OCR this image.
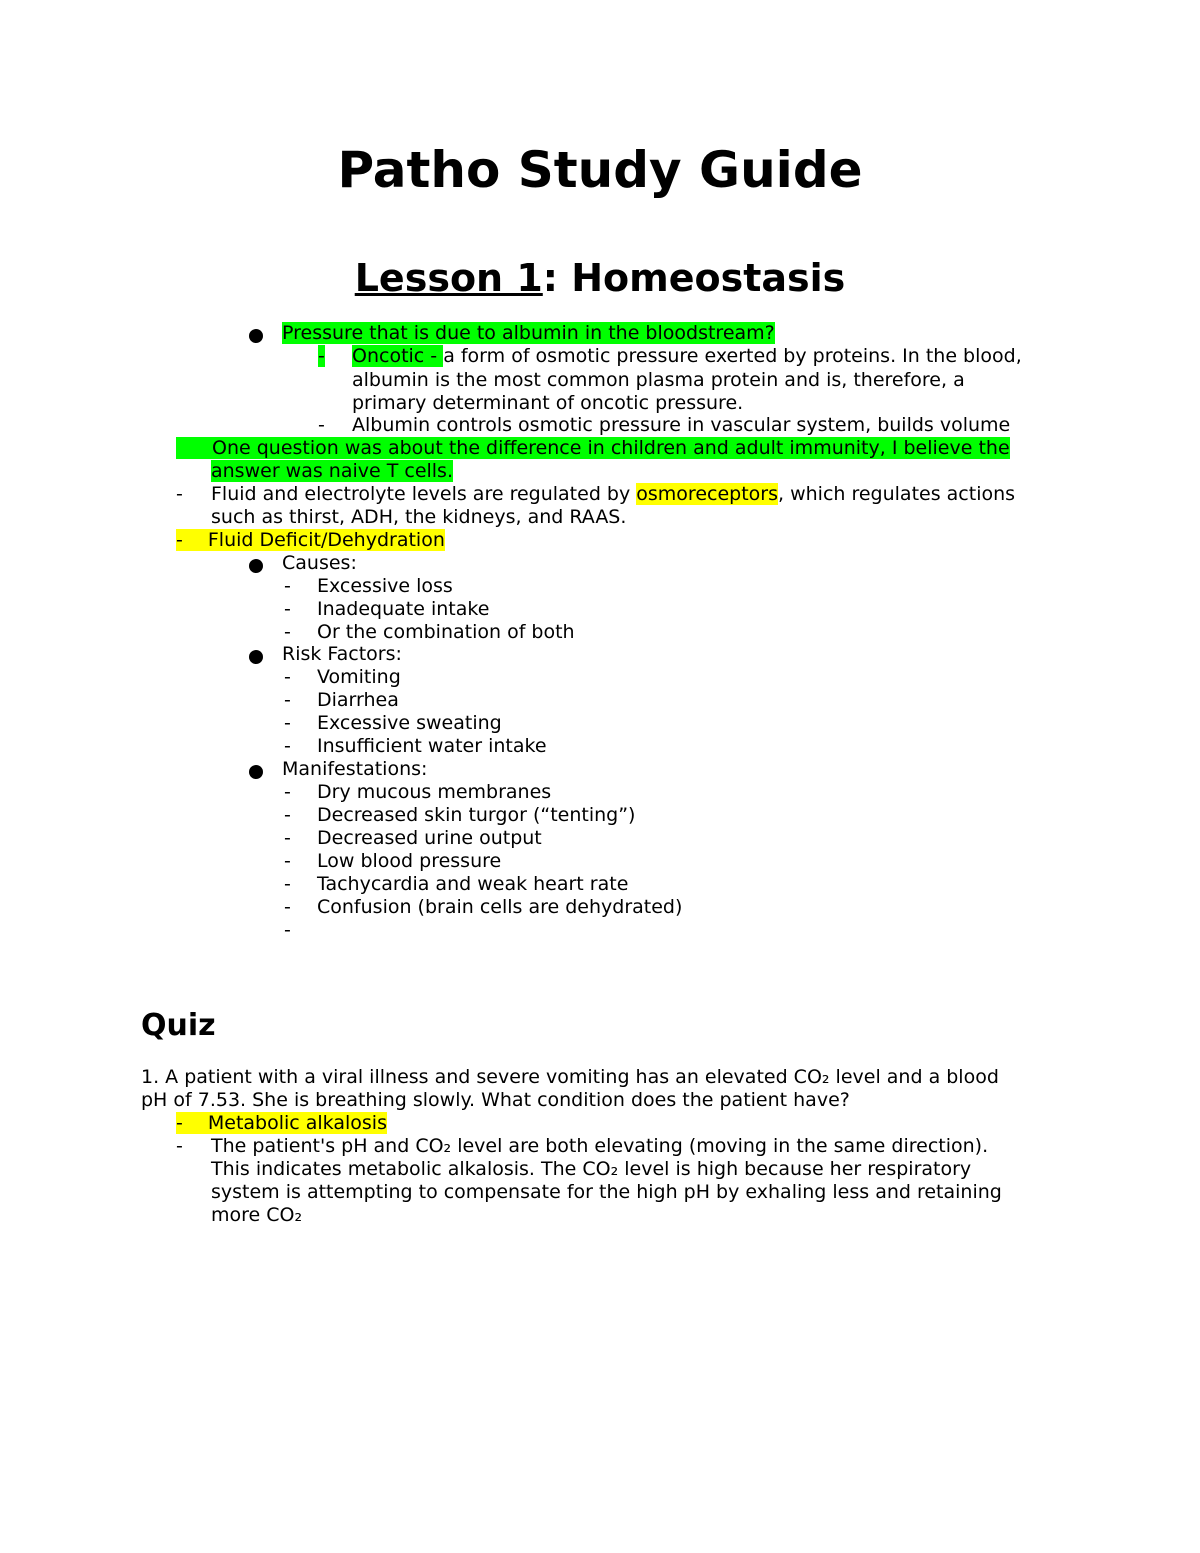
Patho Study Guide
Lesson 1: Homeostasis

Pressure that is due to albumin in the bloodstream?

- Oncotic - a form of osmotic pressure exerted by proteins. In the blood,

albumin is the most common plasma protein and is, therefore, a

primary determinant of oncotic pressure.

- Albumin controls osmotic pressure in vascular system, builds volume

One question was about the difference in children and adult immunity, I believe the

answer was naive T cells.

- Fluid and electrolyte levels are regulated by osmoreceptors, which regulates actions

such as thirst, ADH, the kidneys, and RAAS.

- Fluid Deficit/Dehydration

Causes:

- Excessive loss

- Inadequate intake

- Or the combination of both

Risk Factors:

- Vomiting

- Diarrhea

- Excessive sweating

- Insufficient water intake

Manifestations:

- Dry mucous membranes

- Decreased skin turgor (“tenting”)

- Decreased urine output

- Low blood pressure

- Tachycardia and weak heart rate

- Confusion (brain cells are dehydrated)

-

Quiz

1. A patient with a viral illness and severe vomiting has an elevated CO₂ level and a blood

pH of 7.53. She is breathing slowly. What condition does the patient have?

- Metabolic alkalosis

- The patient's pH and CO₂ level are both elevating (moving in the same direction).

This indicates metabolic alkalosis. The CO₂ level is high because her respiratory

system is attempting to compensate for the high pH by exhaling less and retaining

more CO₂
